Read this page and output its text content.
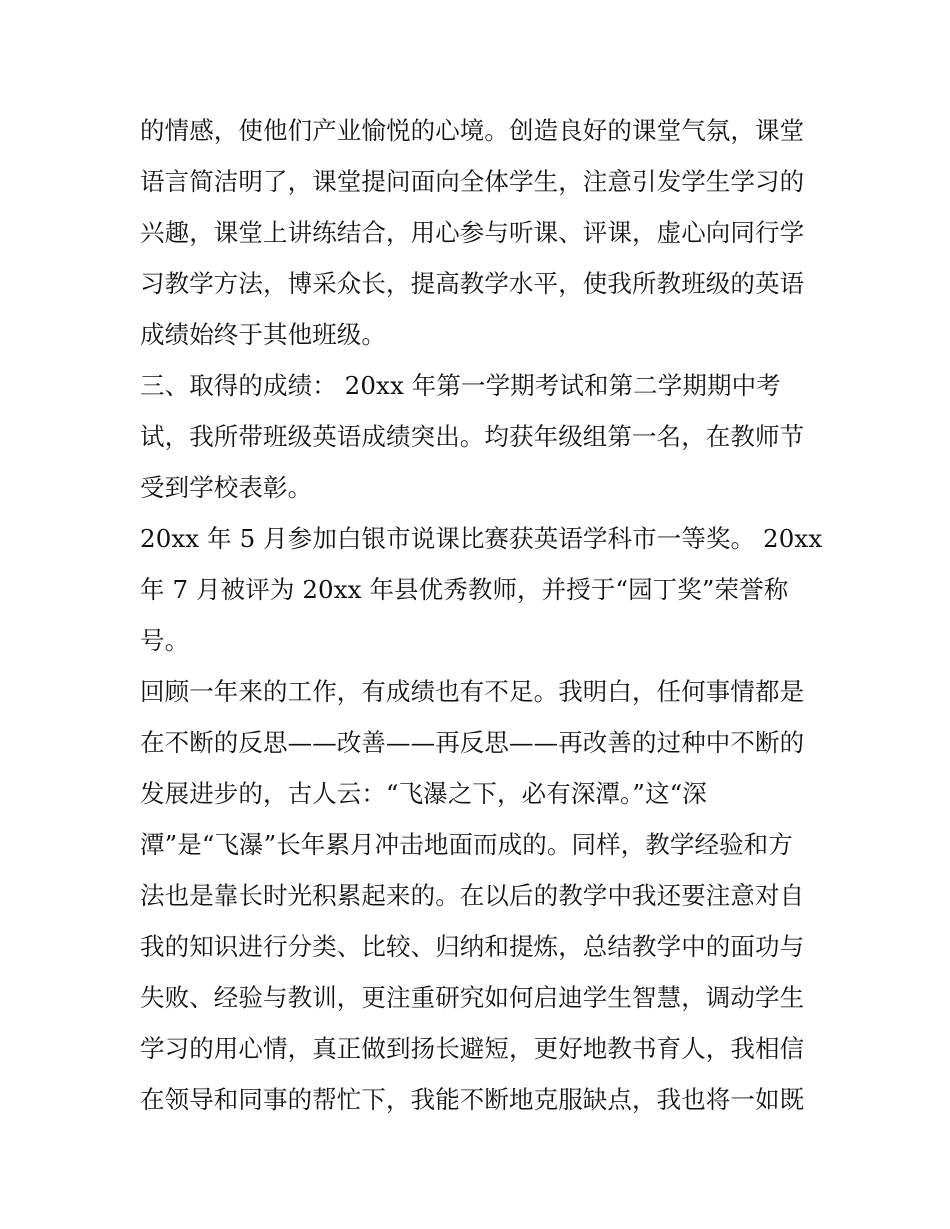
的情感，使他们产业愉悦的心境。创造良好的课堂气氛，课堂
语言简洁明了，课堂提问面向全体学生，注意引发学生学习的
兴趣，课堂上讲练结合，用心参与听课、评课，虚心向同行学
习教学方法，博采众长，提高教学水平，使我所教班级的英语
成绩始终于其他班级。
三、取得的成绩： 20xx 年第一学期考试和第二学期期中考
试，我所带班级英语成绩突出。均获年级组第一名，在教师节
受到学校表彰。
20xx 年 5 月参加白银市说课比赛获英语学科市一等奖。 20xx
年 7 月被评为 20xx 年县优秀教师，并授于“园丁奖”荣誉称
号。
回顾一年来的工作，有成绩也有不足。我明白，任何事情都是
在不断的反思——改善——再反思——再改善的过种中不断的
发展进步的，古人云：“飞瀑之下，必有深潭。”这“深
潭”是“飞瀑”长年累月冲击地面而成的。同样，教学经验和方
法也是靠长时光积累起来的。在以后的教学中我还要注意对自
我的知识进行分类、比较、归纳和提炼，总结教学中的面功与
失败、经验与教训，更注重研究如何启迪学生智慧，调动学生
学习的用心情，真正做到扬长避短，更好地教书育人，我相信
在领导和同事的帮忙下，我能不断地克服缺点，我也将一如既
